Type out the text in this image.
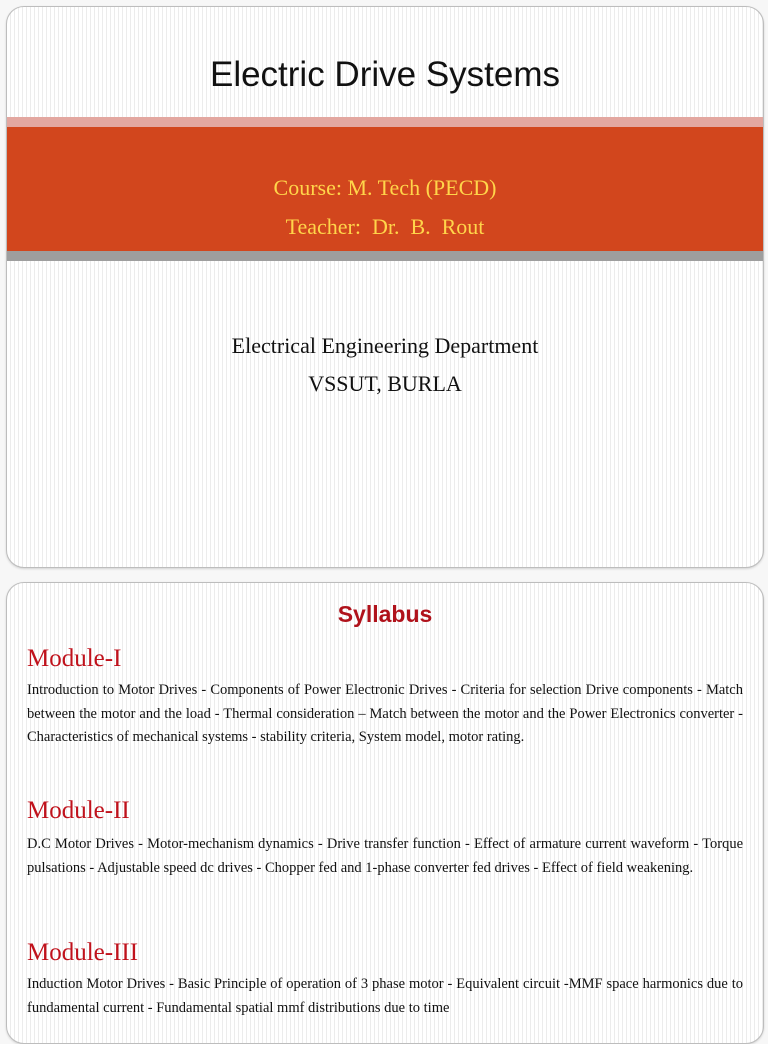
Electric Drive Systems
Course: M. Tech (PECD)
Teacher:  Dr.  B.  Rout
Electrical Engineering Department
VSSUT, BURLA
Syllabus
Module-I

Introduction to Motor Drives - Components of Power Electronic Drives - Criteria for selection Drive components - Match between the motor and the load - Thermal consideration – Match between the motor and the Power Electronics converter - Characteristics of mechanical systems - stability criteria, System model, motor rating.

Module-II

D.C Motor Drives - Motor-mechanism dynamics - Drive transfer function - Effect of armature current waveform - Torque pulsations - Adjustable speed dc drives - Chopper fed and 1-phase converter fed drives - Effect of field weakening.

Module-III

Induction Motor Drives - Basic Principle of operation of 3 phase motor - Equivalent circuit -MMF space harmonics due to fundamental current - Fundamental spatial mmf distributions due to time
